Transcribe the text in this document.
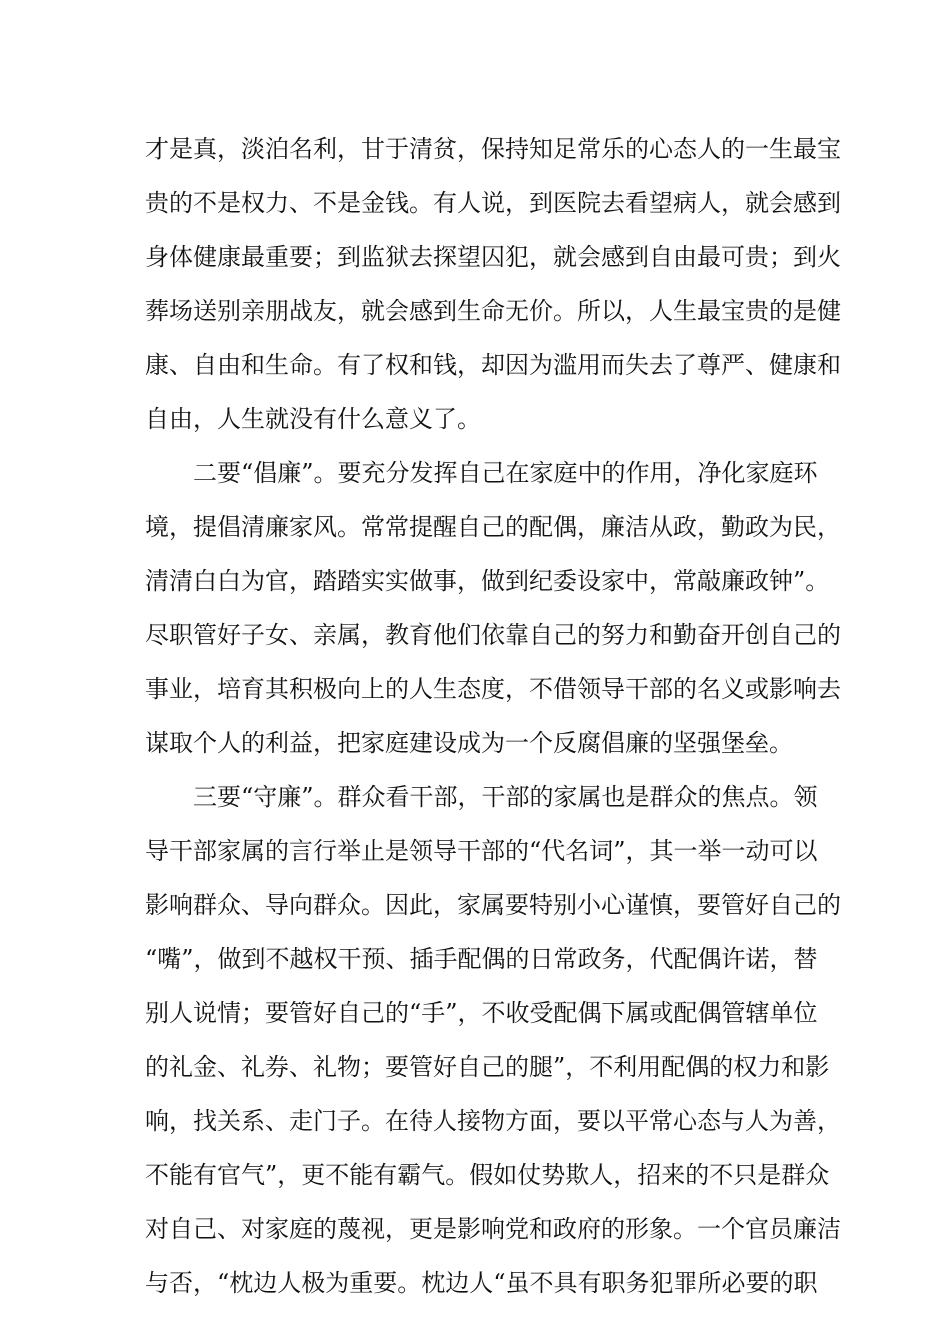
才是真，淡泊名利，甘于清贫，保持知足常乐的心态人的一生最宝
贵的不是权力、不是金钱。有人说，到医院去看望病人，就会感到
身体健康最重要；到监狱去探望囚犯，就会感到自由最可贵；到火
葬场送别亲朋战友，就会感到生命无价。所以，人生最宝贵的是健
康、自由和生命。有了权和钱，却因为滥用而失去了尊严、健康和
自由，人生就没有什么意义了。
二要“倡廉”。要充分发挥自己在家庭中的作用，净化家庭环
境，提倡清廉家风。常常提醒自己的配偶，廉洁从政，勤政为民，
清清白白为官，踏踏实实做事，做到纪委设家中，常敲廉政钟”。
尽职管好子女、亲属，教育他们依靠自己的努力和勤奋开创自己的
事业，培育其积极向上的人生态度，不借领导干部的名义或影响去
谋取个人的利益，把家庭建设成为一个反腐倡廉的坚强堡垒。
三要“守廉”。群众看干部，干部的家属也是群众的焦点。领
导干部家属的言行举止是领导干部的“代名词”，其一举一动可以
影响群众、导向群众。因此，家属要特别小心谨慎，要管好自己的
“嘴”，做到不越权干预、插手配偶的日常政务，代配偶许诺，替
别人说情；要管好自己的“手”，不收受配偶下属或配偶管辖单位
的礼金、礼券、礼物；要管好自己的腿”，不利用配偶的权力和影
响，找关系、走门子。在待人接物方面，要以平常心态与人为善，
不能有官气”，更不能有霸气。假如仗势欺人，招来的不只是群众
对自己、对家庭的蔑视，更是影响党和政府的形象。一个官员廉洁
与否，“枕边人极为重要。枕边人“虽不具有职务犯罪所必要的职
